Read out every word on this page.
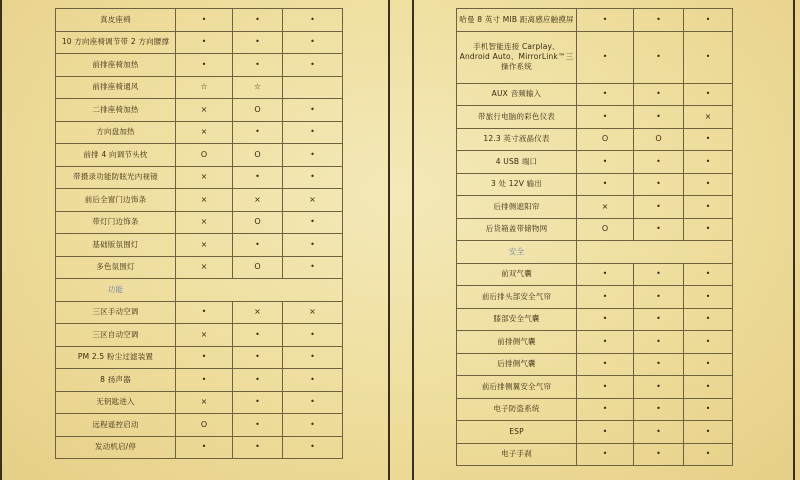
真皮座椅	•	•	•
10 方向座椅调节带 2 方向腰撑	•	•	•
前排座椅加热	•	•	•
前排座椅通风	☆	☆	
二排座椅加热	×	O	•
方向盘加热	×	•	•
前排 4 向调节头枕	O	O	•
带摄录功能防眩光内视镜	×	•	•
前后全窗门边饰条	×	×	×
带灯门边饰条	×	O	•
基础版氛围灯	×	•	•
多色氛围灯	×	O	•
功能			
三区手动空调	•	×	×
三区自动空调	×	•	•
PM 2.5 粉尘过滤装置	•	•	•
8 扬声器	•	•	•
无钥匙进入	×	•	•
远程遥控启动	O	•	•
发动机启/停	•	•	•
哈曼 8 英寸 MIB 距离感应触摸屏	•	•	•
手机智能连接 Carplay、Android Auto、MirrorLink™三操作系统	•	•	•
AUX 音频输入	•	•	•
带旅行电脑的彩色仪表	•	•	×
12.3 英寸液晶仪表	O	O	•
4 USB 端口	•	•	•
3 处 12V 输出	•	•	•
后排侧遮阳帘	×	•	•
后货箱盖带储物网	O	•	•
安全			
前双气囊	•	•	•
前后排头部安全气帘	•	•	•
膝部安全气囊	•	•	•
前排侧气囊	•	•	•
后排侧气囊	•	•	•
前后排侧翼安全气帘	•	•	•
电子防盗系统	•	•	•
ESP	•	•	•
电子手刹	•	•	•
